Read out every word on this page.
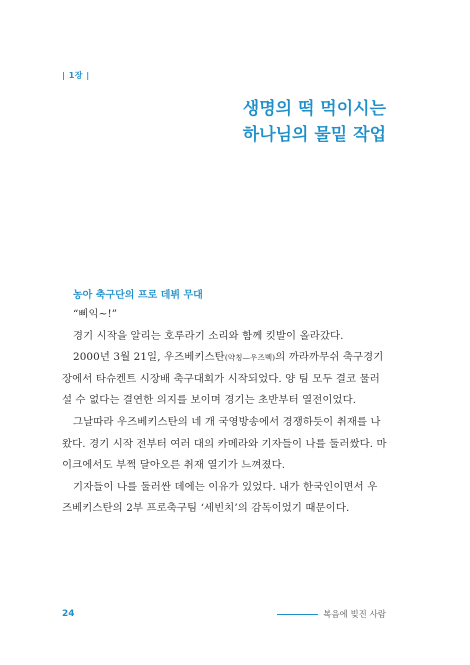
| 1장 |
생명의 떡 먹이시는
하나님의 물밑 작업
농아 축구단의 프로 데뷔 무대

“삐익~!”

경기 시작을 알리는 호루라기 소리와 함께 킷발이 올라갔다.

2000년 3월 21일, 우즈베키스탄(약칭—우즈벡)의 까라까무쉬 축구경기장에서 타슈켄트 시장배 축구대회가 시작되었다. 양 팀 모두 결코 물러설 수 없다는 결연한 의지를 보이며 경기는 초반부터 열전이었다.

그날따라 우즈베키스탄의 네 개 국영방송에서 경쟁하듯이 취재를 나왔다. 경기 시작 전부터 여러 대의 카메라와 기자들이 나를 둘러쌌다. 마이크에서도 부쩍 달아오른 취재 열기가 느껴졌다.

기자들이 나를 둘러싼 데에는 이유가 있었다. 내가 한국인이면서 우즈베키스탄의 2부 프로축구팀 ‘세빈치’의 감독이었기 때문이다.

24	복음에 빚진 사람
